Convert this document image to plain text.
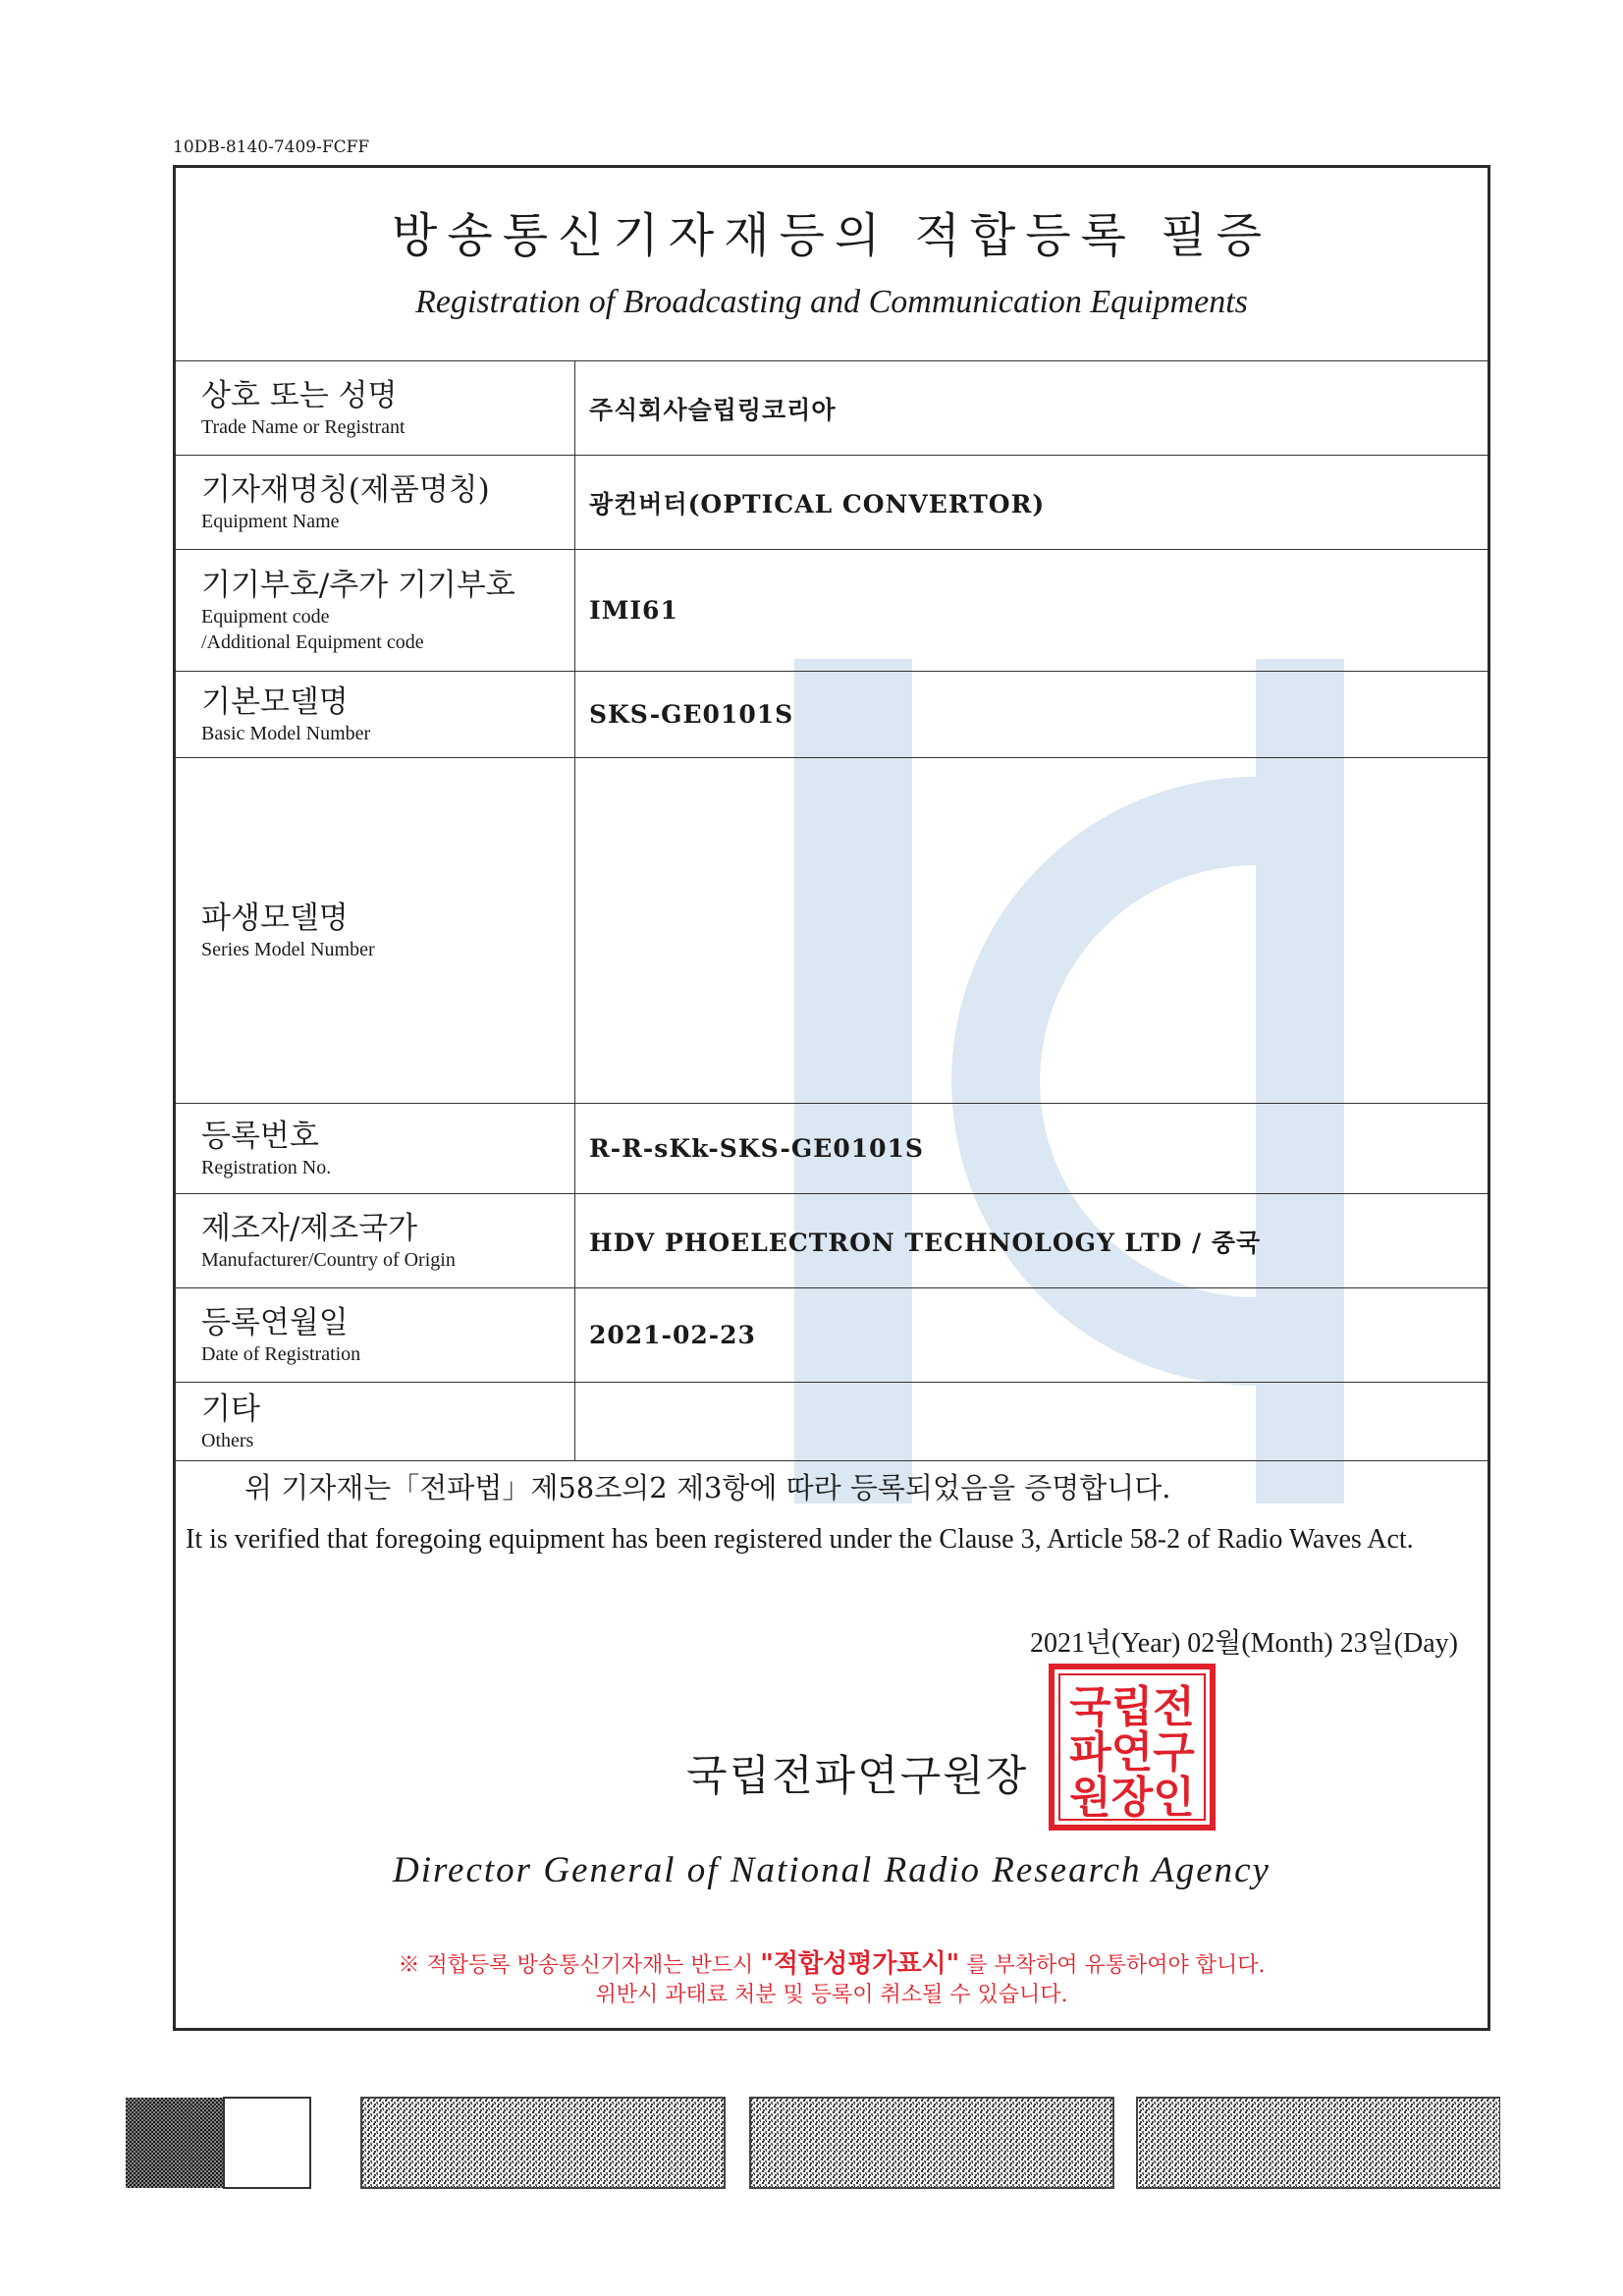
10DB-8140-7409-FCFF
방송통신기자재등의 적합등록 필증
Registration of Broadcasting and Communication Equipments
상호 또는 성명
Trade Name or Registrant	주식회사슬립링코리아

기자재명칭(제품명칭)
Equipment Name	광컨버터(OPTICAL CONVERTOR)

기기부호/추가 기기부호
Equipment code
/Additional Equipment code	IMI61

기본모델명
Basic Model Number	SKS-GE0101S

파생모델명
Series Model Number	

등록번호
Registration No.	R-R-sKk-SKS-GE0101S

제조자/제조국가
Manufacturer/Country of Origin	HDV PHOELECTRON TECHNOLOGY LTD / 중국

등록연월일
Date of Registration	2021-02-23

기타
Others	

위 기자재는「전파법」제58조의2 제3항에 따라 등록되었음을 증명합니다.
It is verified that foregoing equipment has been registered under the Clause 3, Article 58-2 of Radio Waves Act.
2021년(Year) 02월(Month) 23일(Day)
국립전파연구원장
국립전
파연구
원장인
Director General of National Radio Research Agency
※ 적합등록 방송통신기자재는 반드시 "적합성평가표시" 를 부착하여 유통하여야 합니다.
위반시 과태료 처분 및 등록이 취소될 수 있습니다.
